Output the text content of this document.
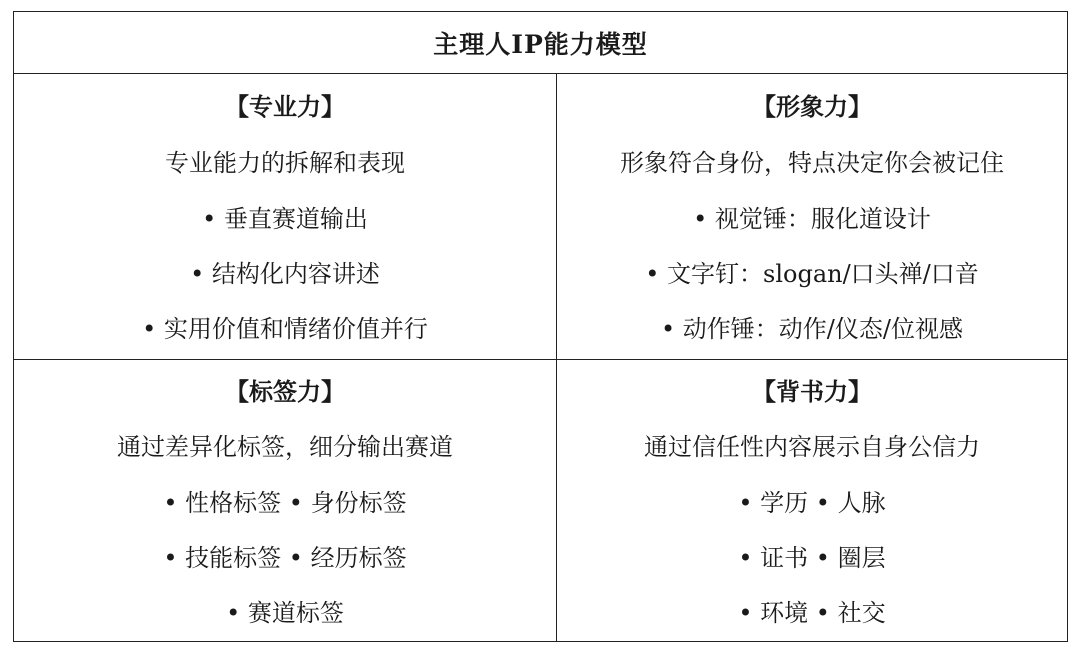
主理人IP能力模型
【专业力】
专业能力的拆解和表现
• 垂直赛道输出
• 结构化内容讲述
• 实用价值和情绪价值并行
【形象力】
形象符合身份，特点决定你会被记住
• 视觉锤：服化道设计
• 文字钉：slogan/口头禅/口音
• 动作锤：动作/仪态/位视感
【标签力】
通过差异化标签，细分输出赛道
• 性格标签 • 身份标签
• 技能标签 • 经历标签
• 赛道标签
【背书力】
通过信任性内容展示自身公信力
• 学历 • 人脉
• 证书 • 圈层
• 环境 • 社交
